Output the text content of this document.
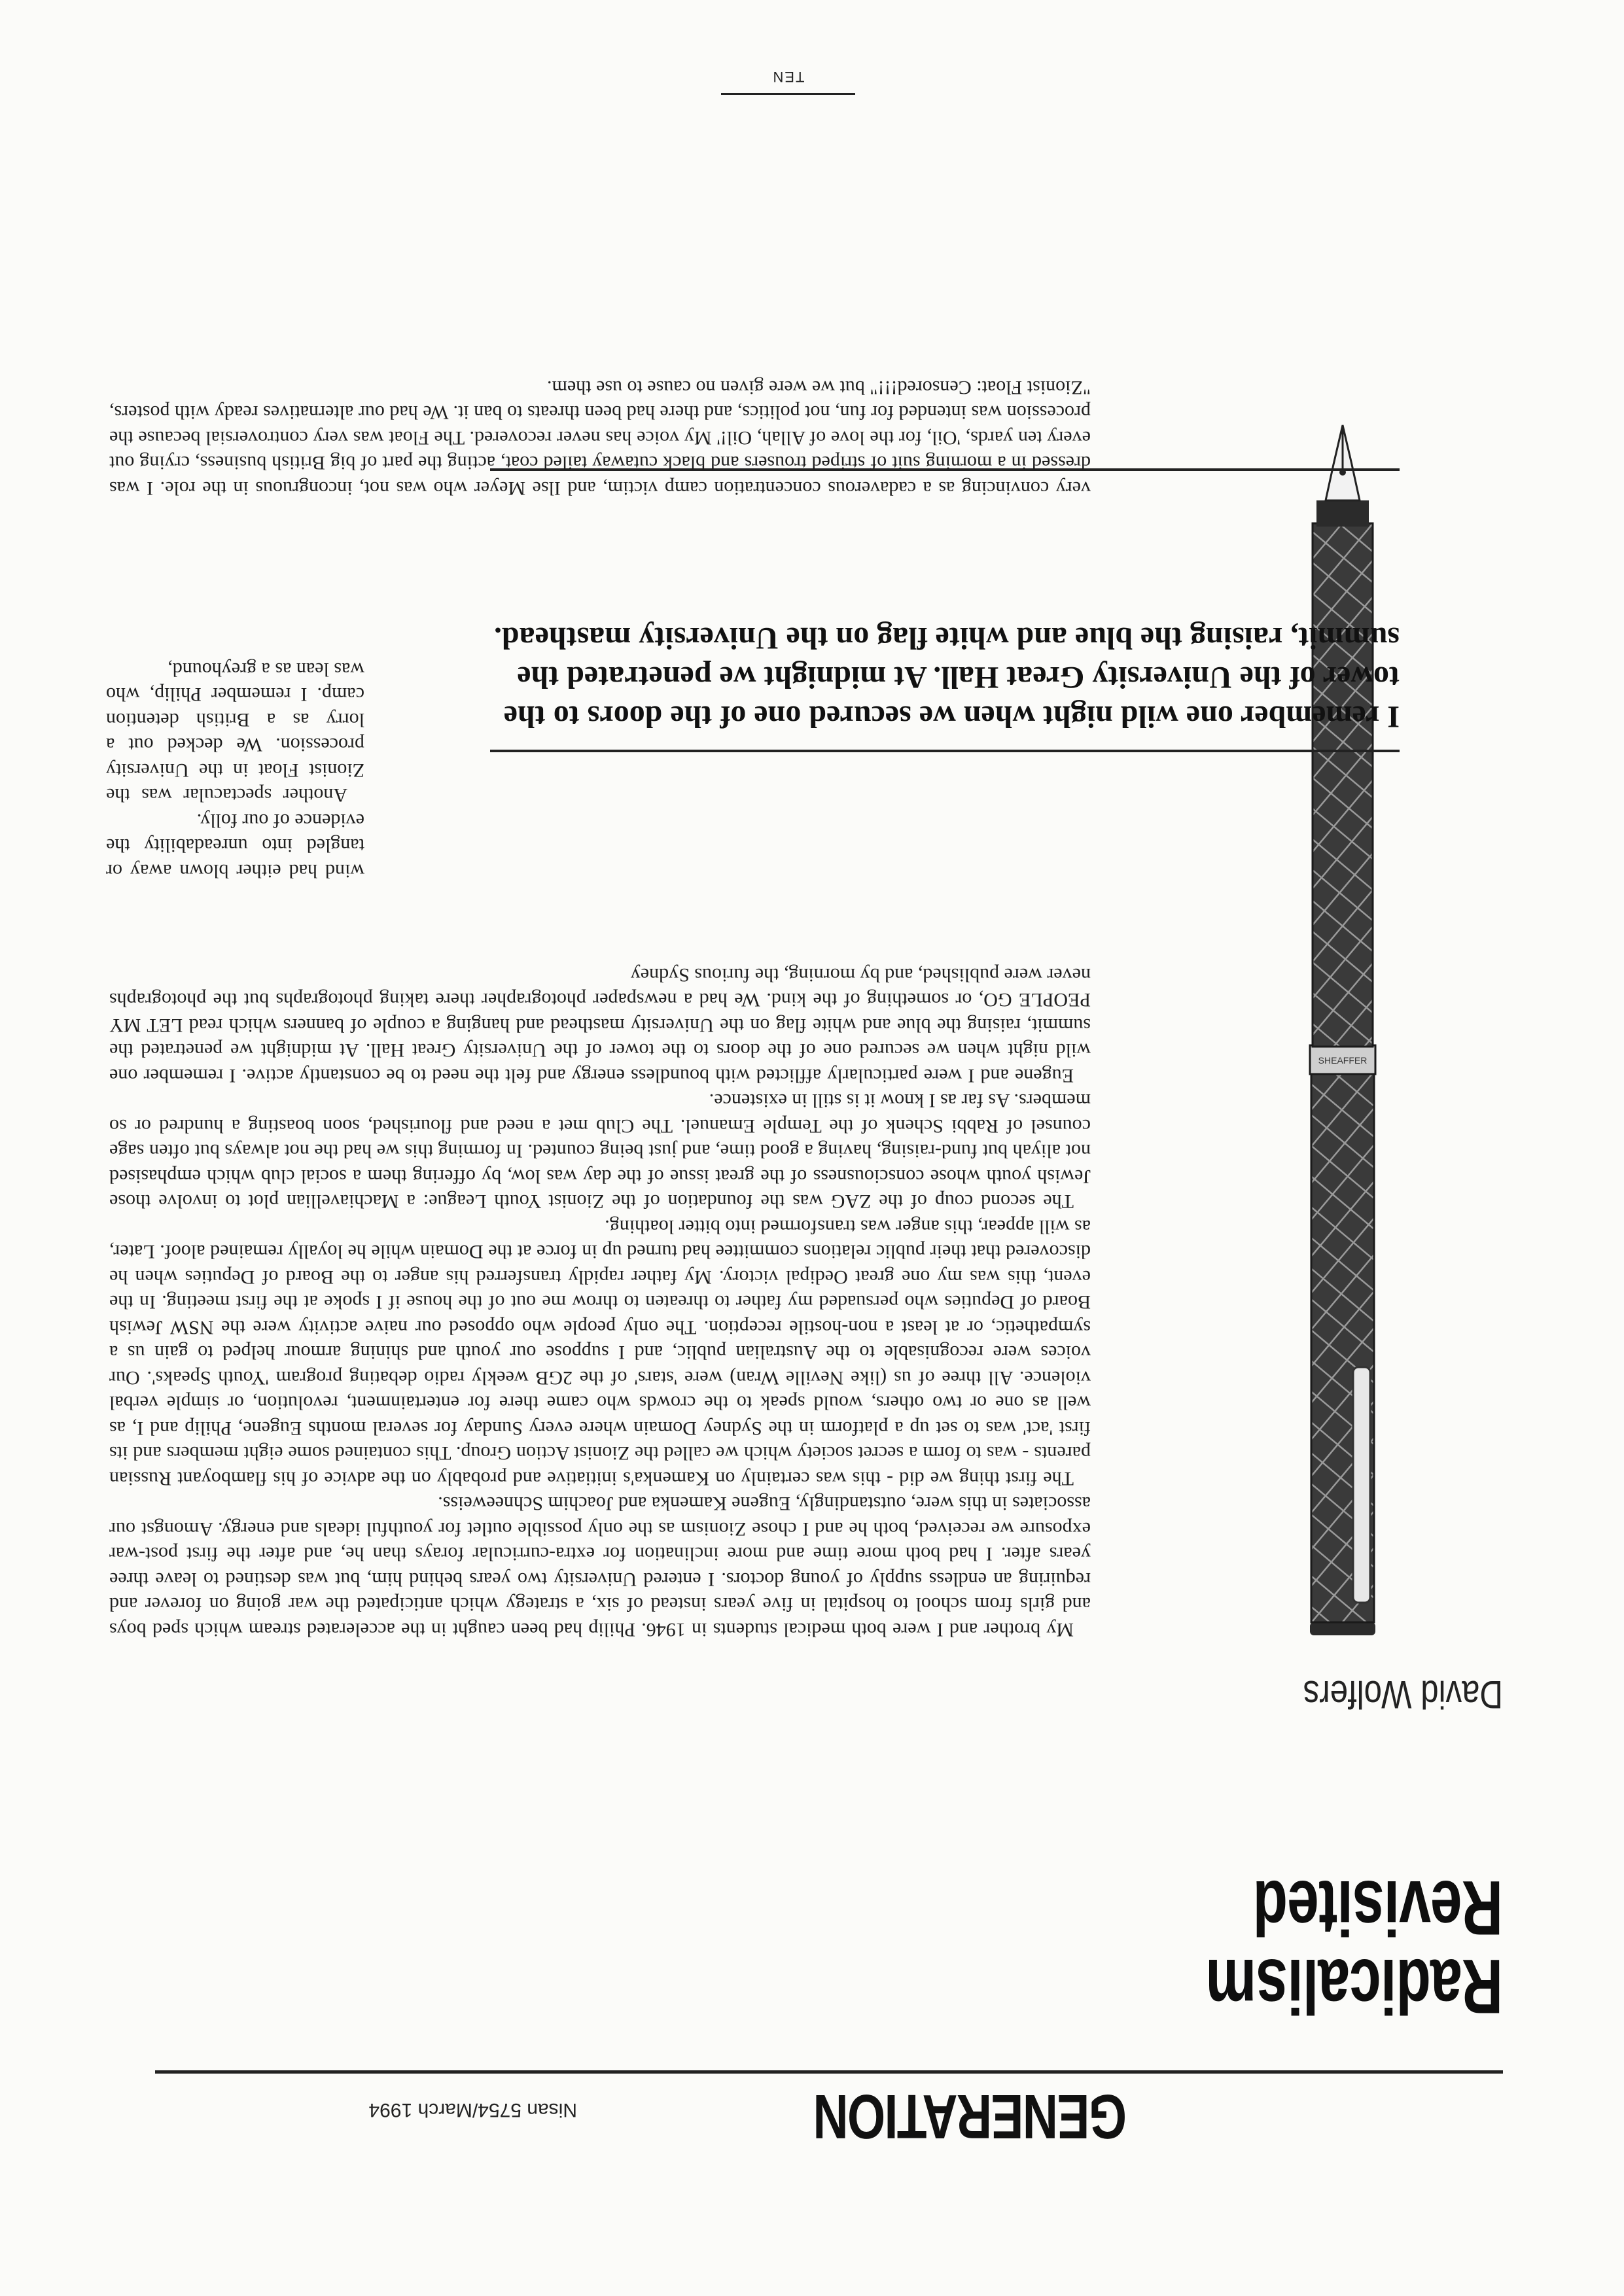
GENERATION
Nisan 5754/March 1994
Radicalism
Revisited
David Wolfers
SHEAFFER

My brother and I were both medical students in 1946. Philip had been caught in the accelerated stream which sped boys and girls from school to hospital in five years instead of six, a strategy which anticipated the war going on forever and requiring an endless supply of young doctors. I entered University two years behind him, but was destined to leave three years after. I had both more time and more inclination for extra-curricular forays than he, and after the first post-war exposure we received, both he and I chose Zionism as the only possible outlet for youthful ideals and energy. Amongst our associates in this were, outstandingly, Eugene Kamenka and Joachim Schneeweiss.

The first thing we did - this was certainly on Kamenka's initiative and probably on the advice of his flamboyant Russian parents - was to form a secret society which we called the Zionist Action Group. This contained some eight members and its first 'act' was to set up a platform in the Sydney Domain where every Sunday for several months Eugene, Philip and I, as well as one or two others, would speak to the crowds who came there for entertainment, revolution, or simple verbal violence. All three of us (like Neville Wran) were 'stars' of the 2GB weekly radio debating program 'Youth Speaks'. Our voices were recognisable to the Australian public, and I suppose our youth and shining armour helped to gain us a sympathetic, or at least a non-hostile reception. The only people who opposed our naive activity were the NSW Jewish Board of Deputies who persuaded my father to threaten to throw me out of the house if I spoke at the first meeting. In the event, this was my one great Oedipal victory. My father rapidly transferred his anger to the Board of Deputies when he discovered that their public relations committee had turned up in force at the Domain while he loyally remained aloof. Later, as will appear, this anger was transformed into bitter loathing.

The second coup of the ZAG was the foundation of the Zionist Youth League: a Machiavellian plot to involve those Jewish youth whose consciousness of the great issue of the day was low, by offering them a social club which emphasised not aliyah but fund-raising, having a good time, and just being counted. In forming this we had the not always but often sage counsel of Rabbi Schenk of the Temple Emanuel. The Club met a need and flourished, soon boasting a hundred or so members. As far as I know it is still in existence.

Eugene and I were particularly afflicted with boundless energy and felt the need to be constantly active. I remember one wild night when we secured one of the doors to the tower of the University Great Hall. At midnight we penetrated the summit, raising the blue and white flag on the University masthead and hanging a couple of banners which read LET MY PEOPLE GO, or something of the kind. We had a newspaper photographer there taking photographs but the photographs never were published, and by morning, the furious Sydney

wind had either blown away or tangled into unreadability the evidence of our folly.

Another spectacular was the Zionist Float in the University procession. We decked out a lorry as a British detention camp. I remember Philip, who was lean as a greyhound,

I remember one wild night when we secured one of the doors to the tower of the University Great Hall. At midnight we penetrated the summit, raising the blue and white flag on the University masthead.

very convincing as a cadaverous concentration camp victim, and Ilse Meyer who was not, incongruous in the role. I was dressed in a morning suit of striped trousers and black cutaway tailed coat, acting the part of big British business, crying out every ten yards, 'Oil, for the love of Allah, Oil!' My voice has never recovered. The Float was very controversial because the procession was intended for fun, not politics, and there had been threats to ban it. We had our alternatives ready with posters, "Zionist Float: Censored!!!" but we were given no cause to use them.

TEN
